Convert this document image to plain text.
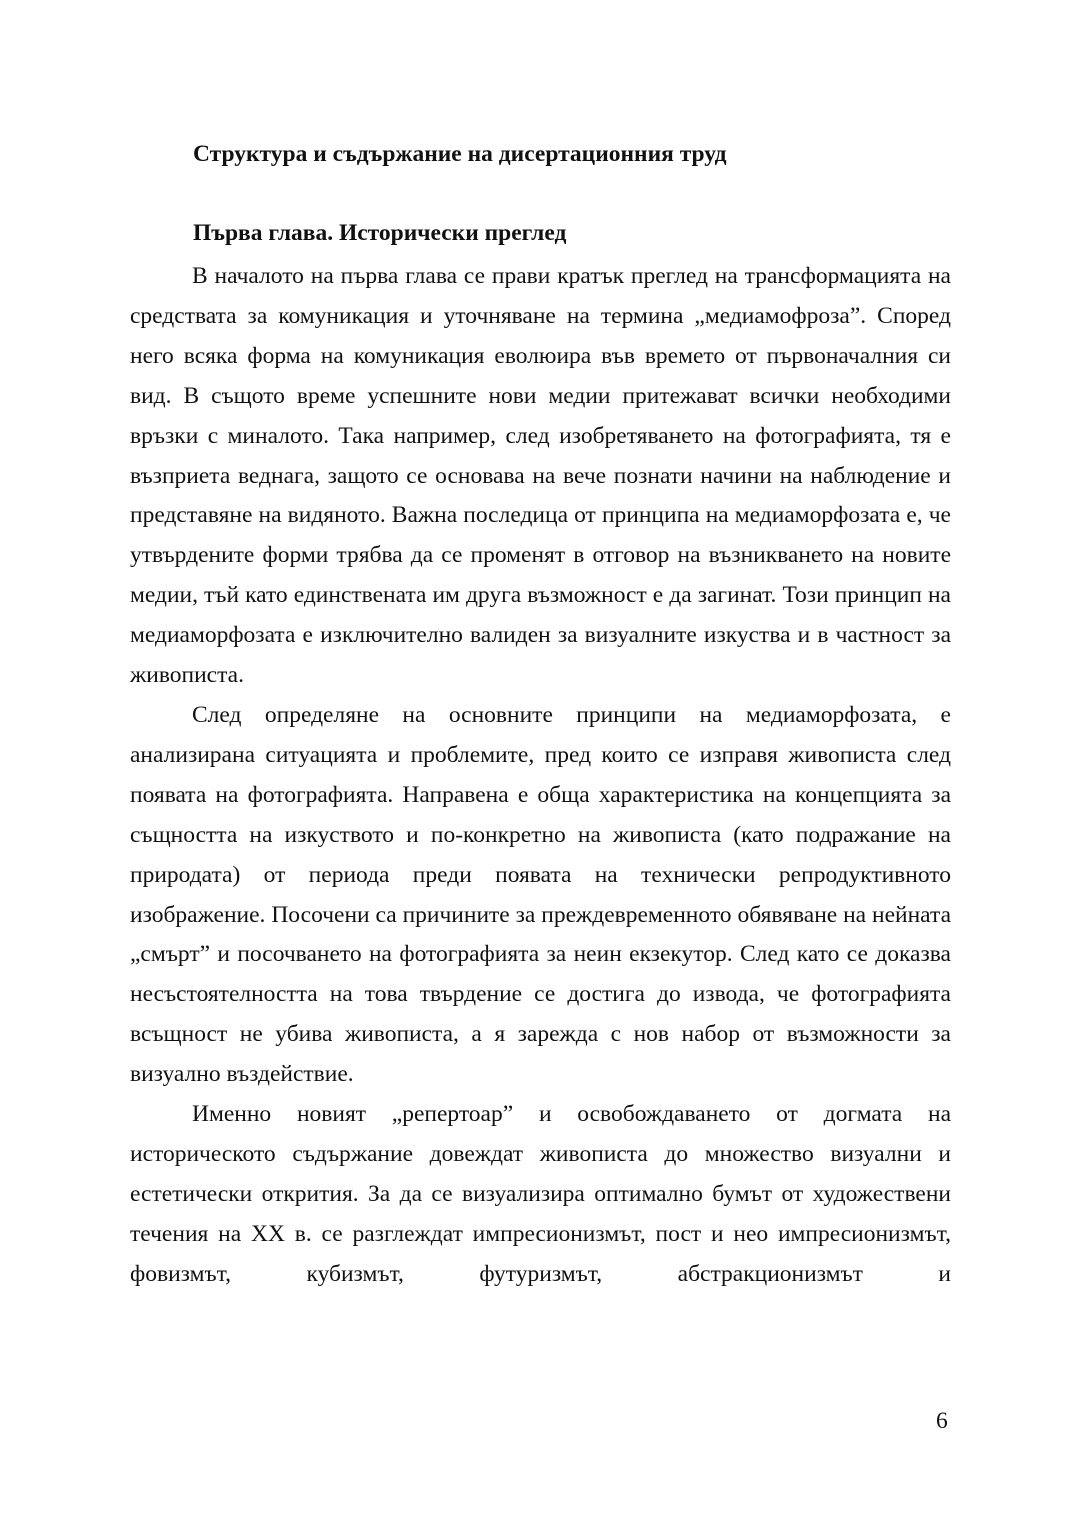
Структура и съдържание на дисертационния труд
Първа глава. Исторически преглед

В началото на първа глава се прави кратък преглед на трансформацията на средствата за комуникация и уточняване на термина „медиамофроза”. Според него всяка форма на комуникация еволюира във времето от първоначалния си вид. В същото време успешните нови медии притежават всички необходими връзки с миналото. Така например, след изобретяването на фотографията, тя е възприета веднага, защото се основава на вече познати начини на наблюдение и представяне на видяното. Важна последица от принципа на медиаморфозата е, че утвърдените форми трябва да се променят в отговор на възникването на новите медии, тъй като единствената им друга възможност е да загинат. Този принцип на медиаморфозата е изключително валиден за визуалните изкуства и в частност за живописта.

След определяне на основните принципи на медиаморфозата, е анализирана ситуацията и проблемите, пред които се изправя живописта след появата на фотографията. Направена е обща характеристика на концепцията за същността на изкуството и по-конкретно на живописта (като подражание на природата) от периода преди появата на технически репродуктивното изображение. Посочени са причините за преждевременното обявяване на нейната „смърт” и посочването на фотографията за неин екзекутор. След като се доказва несъстоятелността на това твърдение се достига до извода, че фотографията всъщност не убива живописта, а я зарежда с нов набор от възможности за визуално въздействие.

Именно новият „репертоар” и освобождаването от догмата на историческото съдържание довеждат живописта до множество визуални и естетически открития. За да се визуализира оптимално бумът от художествени течения на ХХ в. се разглеждат импресионизмът, пост и нео импресионизмът, фовизмът, кубизмът, футуризмът, абстракционизмът и

6
